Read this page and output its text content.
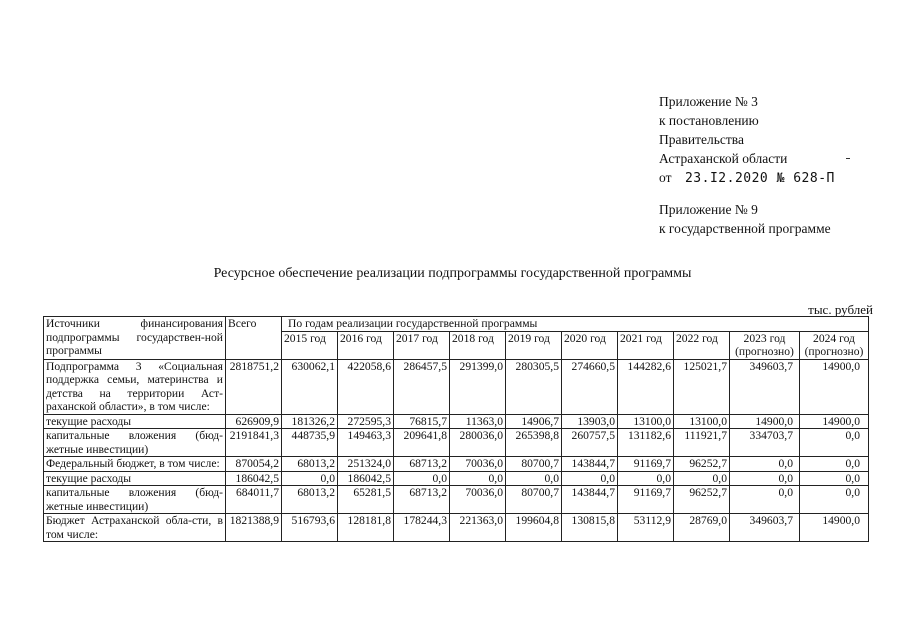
Приложение № 3
к постановлению
Правительства
Астраханской области
от 23.I2.2020 № 628-П
Приложение № 9
к государственной программе
Ресурсное обеспечение реализации подпрограммы государственной программы
тыс. рублей
Источники финансирования подпрограммы государствен-ной программы	Всего	По годам реализации государственной программы									
		2015 год	2016 год	2017 год	2018 год	2019 год	2020 год	2021 год	2022 год	2023 год (прогнозно)	2024 год (прогнозно)
Подпрограмма 3 «Социальная поддержка семьи, материнства и детства на территории Аст-раханской области», в том числе:	2818751,2	630062,1	422058,6	286457,5	291399,0	280305,5	274660,5	144282,6	125021,7	349603,7	14900,0
текущие расходы	626909,9	181326,2	272595,3	76815,7	11363,0	14906,7	13903,0	13100,0	13100,0	14900,0	14900,0
капитальные вложения (бюд-жетные инвестиции)	2191841,3	448735,9	149463,3	209641,8	280036,0	265398,8	260757,5	131182,6	111921,7	334703,7	0,0
Федеральный бюджет, в том числе:	870054,2	68013,2	251324,0	68713,2	70036,0	80700,7	143844,7	91169,7	96252,7	0,0	0,0
текущие расходы	186042,5	0,0	186042,5	0,0	0,0	0,0	0,0	0,0	0,0	0,0	0,0
капитальные вложения (бюд-жетные инвестиции)	684011,7	68013,2	65281,5	68713,2	70036,0	80700,7	143844,7	91169,7	96252,7	0,0	0,0
Бюджет Астраханской обла-сти, в том числе:	1821388,9	516793,6	128181,8	178244,3	221363,0	199604,8	130815,8	53112,9	28769,0	349603,7	14900,0
